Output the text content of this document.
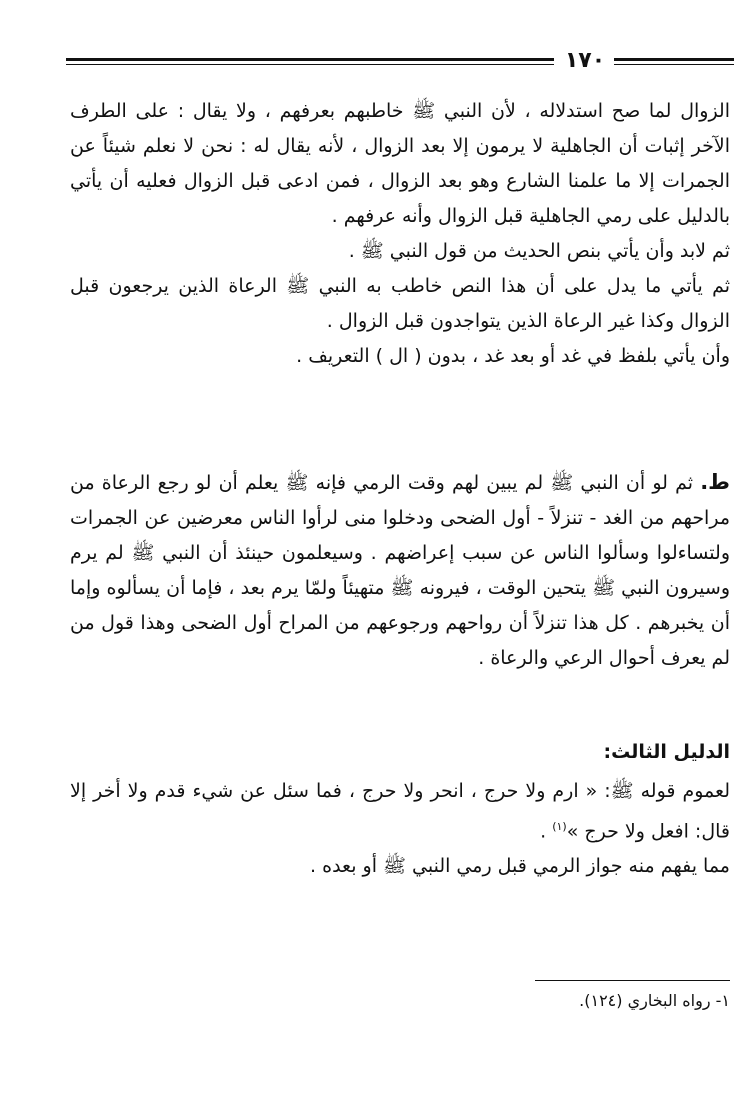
١٧٠

الزوال لما صح استدلاله ، لأن النبي ﷺ خاطبهم بعرفهم ، ولا يقال : على الطرف الآخر إثبات أن الجاهلية لا يرمون إلا بعد الزوال ، لأنه يقال له : نحن لا نعلم شيئاً عن الجمرات إلا ما علمنا الشارع وهو بعد الزوال ، فمن ادعى قبل الزوال فعليه أن يأتي بالدليل على رمي الجاهلية قبل الزوال وأنه عرفهم .

ثم لابد وأن يأتي بنص الحديث من قول النبي ﷺ .

ثم يأتي ما يدل على أن هذا النص خاطب به النبي ﷺ الرعاة الذين يرجعون قبل الزوال وكذا غير الرعاة الذين يتواجدون قبل الزوال .

وأن يأتي بلفظ في غد أو بعد غد ، بدون ( ال ) التعريف .

ط. ثم لو أن النبي ﷺ لم يبين لهم وقت الرمي فإنه ﷺ يعلم أن لو رجع الرعاة من مراحهم من الغد - تنزلاً - أول الضحى ودخلوا منى لرأوا الناس معرضين عن الجمرات ولتساءلوا وسألوا الناس عن سبب إعراضهم . وسيعلمون حينئذ أن النبي ﷺ لم يرم وسيرون النبي ﷺ يتحين الوقت ، فيرونه ﷺ متهيئاً ولمّا يرم بعد ، فإما أن يسألوه وإما أن يخبرهم . كل هذا تنزلاً أن رواحهم ورجوعهم من المراح أول الضحى وهذا قول من لم يعرف أحوال الرعي والرعاة .

الدليل الثالث:

لعموم قوله ﷺ: « ارم ولا حرج ، انحر ولا حرج ، فما سئل عن شيء قدم ولا أخر إلا قال: افعل ولا حرج »$^{(١)}$ .

مما يفهم منه جواز الرمي قبل رمي النبي ﷺ أو بعده .

١- رواه البخاري (١٢٤).
